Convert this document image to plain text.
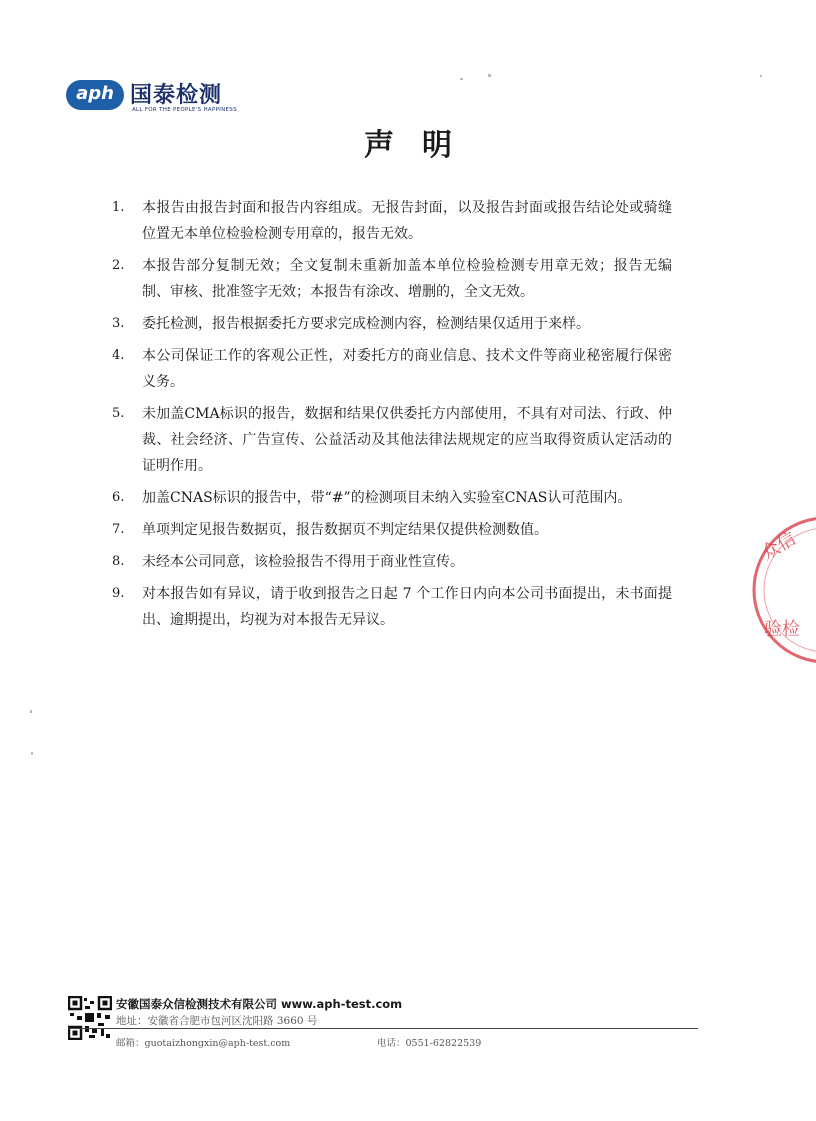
aph 国泰检测
ALL FOR THE PEOPLE'S HAPPINESS
声明
1.	本报告由报告封面和报告内容组成。无报告封面，以及报告封面或报告结论处或骑缝位置无本单位检验检测专用章的，报告无效。
2.	本报告部分复制无效；全文复制未重新加盖本单位检验检测专用章无效；报告无编制、审核、批准签字无效；本报告有涂改、增删的，全文无效。
3.	委托检测，报告根据委托方要求完成检测内容，检测结果仅适用于来样。
4.	本公司保证工作的客观公正性，对委托方的商业信息、技术文件等商业秘密履行保密义务。
5.	未加盖CMA标识的报告，数据和结果仅供委托方内部使用，不具有对司法、行政、仲裁、社会经济、广告宣传、公益活动及其他法律法规规定的应当取得资质认定活动的证明作用。
6.	加盖CNAS标识的报告中，带“#”的检测项目未纳入实验室CNAS认可范围内。
7.	单项判定见报告数据页，报告数据页不判定结果仅提供检测数值。
8.	未经本公司同意，该检验报告不得用于商业性宣传。
9.	对本报告如有异议，请于收到报告之日起 7 个工作日内向本公司书面提出，未书面提出、逾期提出，均视为对本报告无异议。
众信
验检
安徽国泰众信检测技术有限公司 www.aph-test.com
地址：安徽省合肥市包河区沈阳路 3660 号
邮箱：guotaizhongxin@aph-test.com	电话：0551-62822539
